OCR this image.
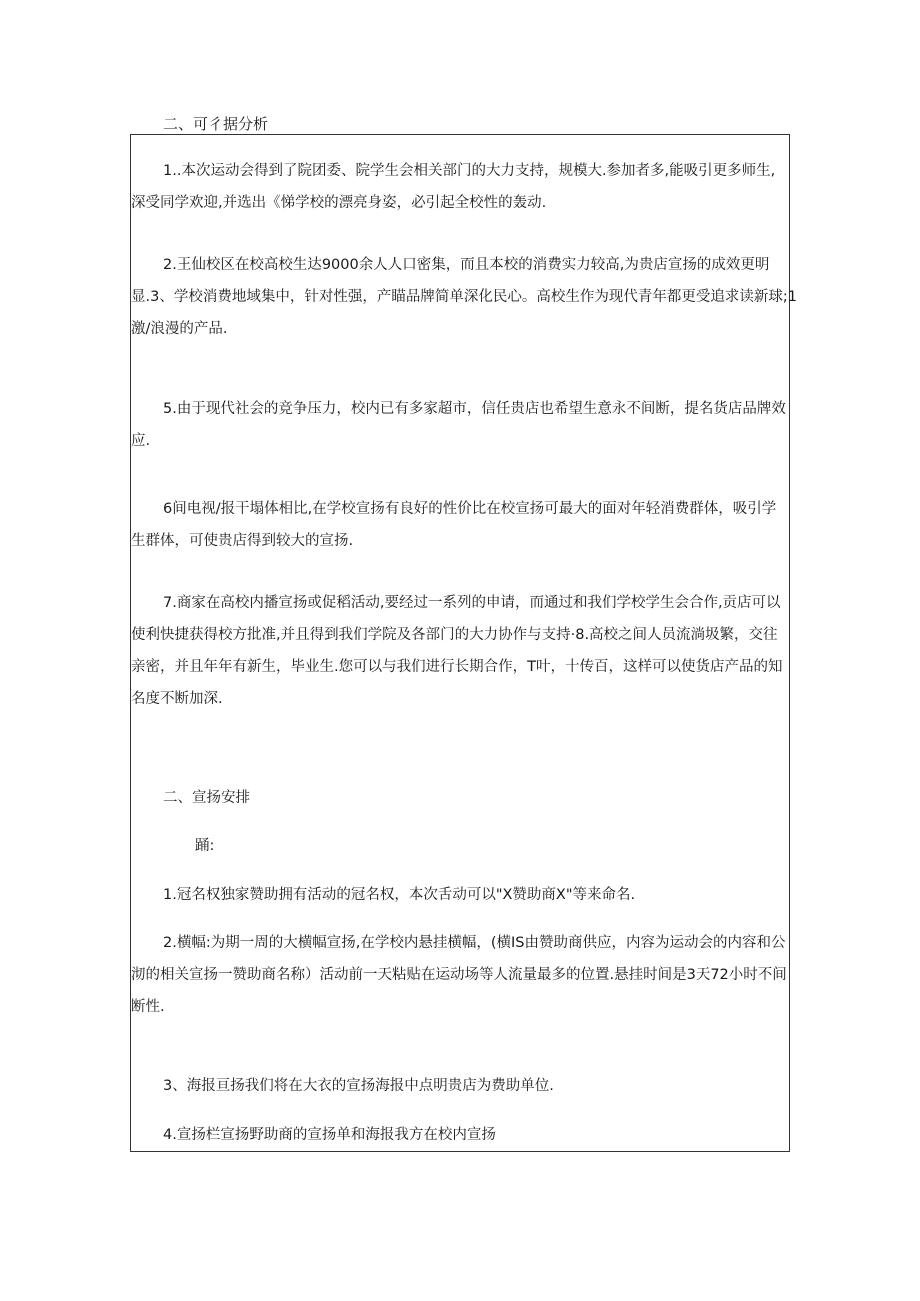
二、可彳据分析
1..本次运动会得到了院团委、院学生会相关部门的大力支持，规模大.参加者多,能吸引更多师生,
深受同学欢迎,并选出《悌学校的漂亮身姿，必引起全校性的轰动.
2.王仙校区在校高校生达9000余人人口密集，而且本校的消费实力较高,为贵店宣扬的成效更明
显.3、学校消费地域集中，针对性强，产瞄品牌简单深化民心。高校生作为现代青年都更受追求读新球;1
激/浪漫的产品.
5.由于现代社会的竞争压力，校内已有多家超市，信任贵店也希望生意永不间断，提名货店品牌效
应.
6间电视/报干塌体相比,在学校宣扬有良好的性价比在校宣扬可最大的面对年轻消费群体，吸引学
生群体，可使贵店得到较大的宣扬.
7.商家在高校内播宣扬或促稻活动,要经过一系列的申请，而通过和我们学校学生会合作,贡店可以
使利快捷获得校方批准,并且得到我们学院及各部门的大力协作与支持·8.高校之间人员流淌圾繁，交往
亲密，并且年年有新生，毕业生.您可以与我们进行长期合作，T叶，十传百，这样可以使货店产品的知
名度不断加深.
二、宣扬安排
踊:
1.冠名权独家赞助拥有活动的冠名权，本次舌动可以"X赞助商X"等来命名.
2.横幅:为期一周的大横幅宣扬,在学校内悬挂横幅，(横IS由赞助商供应，内容为运动会的内容和公
沏的相关宣扬一赞助商名称）活动前一天粘贴在运动场等人流量最多的位置.悬挂时间是3天72小时不间
断性.
3、海报亘扬我们将在大衣的宣扬海报中点明贵店为费助单位.
4.宣扬栏宣扬野助商的宣扬单和海报我方在校内宣扬
